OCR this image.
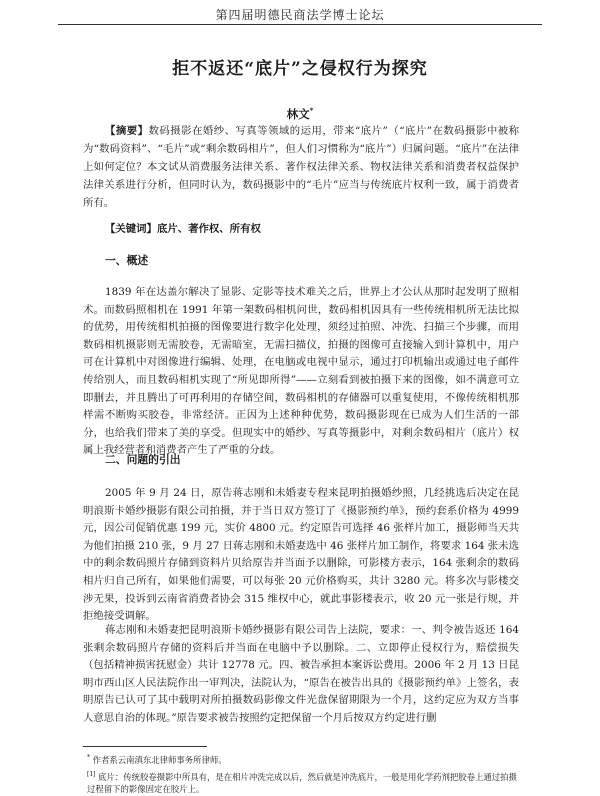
第四届明德民商法学博士论坛
拒不返还“底片”之侵权行为探究
林文*
【摘要】数码摄影在婚纱、写真等领域的运用，带来“底片”（“底片”在数码摄影中被称为“数码资料”、“毛片”或“剩余数码相片”，但人们习惯称为“底片”）归属问题。“底片”在法律上如何定位？本文试从消费服务法律关系、著作权法律关系、物权法律关系和消费者权益保护法律关系进行分析，但同时认为，数码摄影中的“毛片”应当与传统底片权利一致，属于消费者所有。
【关键词】底片、著作权、所有权
一、概述
1839 年在达盖尔解决了显影、定影等技术难关之后，世界上才公认从那时起发明了照相术。而数码照相机在 1991 年第一架数码相机问世，数码相机因具有一些传统相机所无法比拟的优势，用传统相机拍摄的图像要进行数字化处理，须经过拍照、冲洗、扫描三个步骤，而用数码相机摄影则无需胶卷，无需暗室，无需扫描仪，拍摄的图像可直接输入到计算机中，用户可在计算机中对图像进行编辑、处理，在电脑或电视中显示，通过打印机输出或通过电子邮件传给别人，而且数码相机实现了“所见即所得”——立刻看到被拍摄下来的图像，如不满意可立即删去，并且腾出了可再利用的存储空间，数码相机的存储器可以重复使用，不像传统相机那样需不断购买胶卷，非常经济。正因为上述种种优势，数码摄影现在已成为人们生活的一部分，也给我们带来了美的享受。但现实中的婚纱、写真等摄影中，对剩余数码相片（底片）权属上我经营者和消费者产生了严重的分歧。
二、问题的引出
2005 年 9 月 24 日，原告蒋志刚和未婚妻专程来昆明拍摄婚纱照，几经挑选后决定在昆明浪斯卡婚纱摄影有限公司拍摄，并于当日双方签订了《摄影预约单》，预约套系价格为 4999 元，因公司促销优惠 199 元，实价 4800 元。约定原告可选择 46 张样片加工，摄影师当天共为他们拍摄 210 张，9 月 27 日蒋志刚和未婚妻选中 46 张样片加工制作，将要求 164 张未选中的剩余数码照片存储到资料片贝给原告并当面予以删除，可影楼方表示，164 张剩余的数码相片归自己所有，如果他们需要，可以每张 20 元价格购买，共计 3280 元。将多次与影楼交涉无果，投诉到云南省消费者协会 315 维权中心，就此事影楼表示，收 20 元一张是行规，并拒绝接受调解。
蒋志刚和未婚妻把昆明浪斯卡婚纱摄影有限公司告上法院，要求：一、判令被告返还 164 张剩余数码照片存储的资料后并当面在电脑中予以删除。二、立即停止侵权行为，赔偿损失（包括精神损害抚慰金）共计 12778 元。四、被告承担本案诉讼费用。2006 年 2 月 13 日昆明市西山区人民法院作出一审判决，法院认为，“原告在被告出具的《摄影预约单》上签名，表明原告已认可了其中载明对所拍摄数码影像文件光盘保留期限为一个月，这约定应为双方当事人意思自治的体现。”原告要求被告按照约定把保留一个月后按双方约定进行删
* 作者系云南滇东北律师事务所律师。
[1] 底片：传统胶卷摄影中所具有，是在相片冲洗完成以后，然后就是冲洗底片，一般是用化学药剂把胶卷上通过拍摄过程留下的影像固定在胶片上。
